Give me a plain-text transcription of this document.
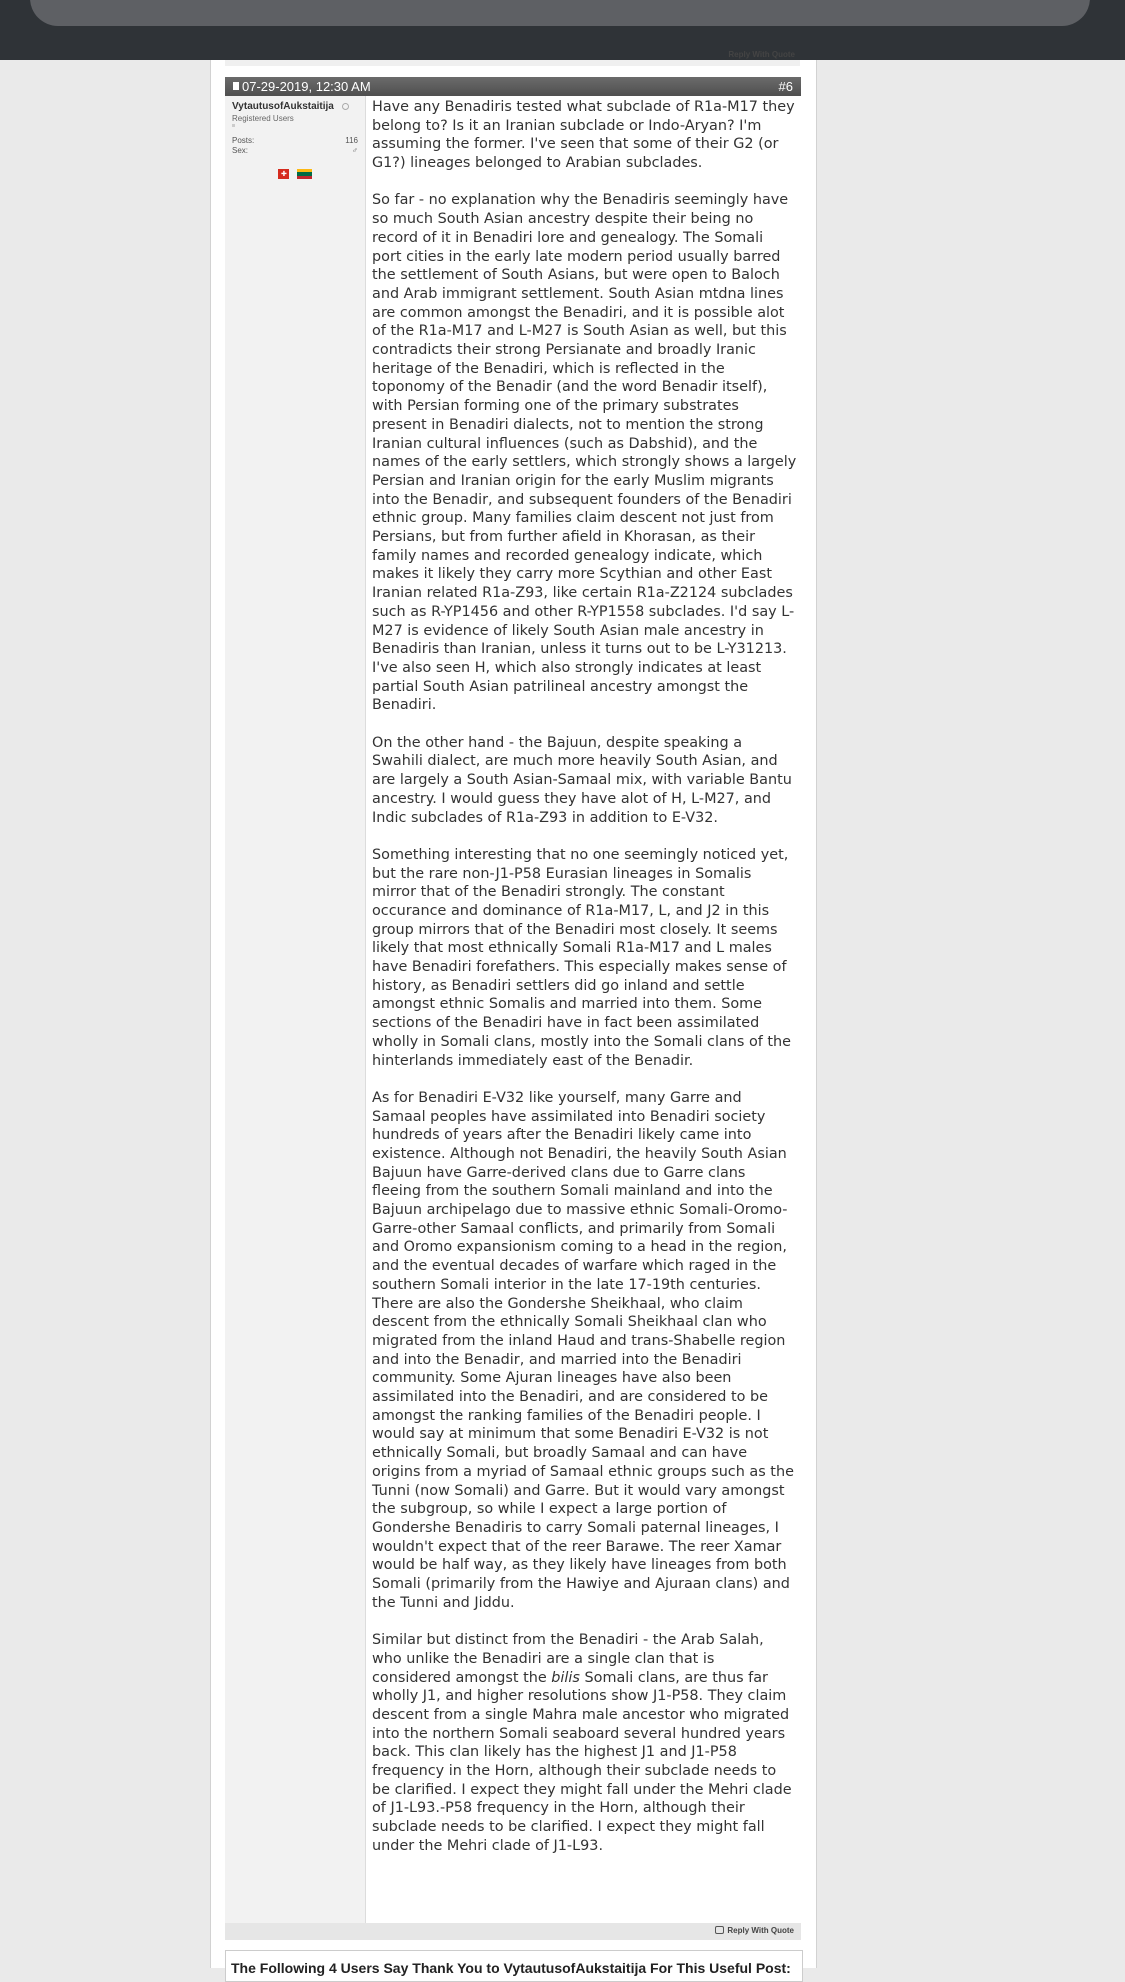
Reply With Quote
07-29-2019, 12:30 AM	#6
VytautusofAukstaitija
Registered Users
Posts:	116
Sex:	♂
✚

Have any Benadiris tested what subclade of R1a-M17 they belong to? Is it an Iranian subclade or Indo-Aryan? I'm assuming the former. I've seen that some of their G2 (or G1?) lineages belonged to Arabian subclades.

So far - no explanation why the Benadiris seemingly have so much South Asian ancestry despite their being no record of it in Benadiri lore and genealogy. The Somali port cities in the early late modern period usually barred the settlement of South Asians, but were open to Baloch and Arab immigrant settlement. South Asian mtdna lines are common amongst the Benadiri, and it is possible alot of the R1a-M17 and L-M27 is South Asian as well, but this contradicts their strong Persianate and broadly Iranic heritage of the Benadiri, which is reflected in the toponomy of the Benadir (and the word Benadir itself), with Persian forming one of the primary substrates present in Benadiri dialects, not to mention the strong Iranian cultural influences (such as Dabshid), and the names of the early settlers, which strongly shows a largely Persian and Iranian origin for the early Muslim migrants into the Benadir, and subsequent founders of the Benadiri ethnic group. Many families claim descent not just from Persians, but from further afield in Khorasan, as their family names and recorded genealogy indicate, which makes it likely they carry more Scythian and other East Iranian related R1a-Z93, like certain R1a-Z2124 subclades such as R-YP1456 and other R-YP1558 subclades. I'd say L-M27 is evidence of likely South Asian male ancestry in Benadiris than Iranian, unless it turns out to be L-Y31213. I've also seen H, which also strongly indicates at least partial South Asian patrilineal ancestry amongst the Benadiri.

On the other hand - the Bajuun, despite speaking a Swahili dialect, are much more heavily South Asian, and are largely a South Asian-Samaal mix, with variable Bantu ancestry. I would guess they have alot of H, L-M27, and Indic subclades of R1a-Z93 in addition to E-V32.

Something interesting that no one seemingly noticed yet, but the rare non-J1-P58 Eurasian lineages in Somalis mirror that of the Benadiri strongly. The constant occurance and dominance of R1a-M17, L, and J2 in this group mirrors that of the Benadiri most closely. It seems likely that most ethnically Somali R1a-M17 and L males have Benadiri forefathers. This especially makes sense of history, as Benadiri settlers did go inland and settle amongst ethnic Somalis and married into them. Some sections of the Benadiri have in fact been assimilated wholly in Somali clans, mostly into the Somali clans of the hinterlands immediately east of the Benadir.

As for Benadiri E-V32 like yourself, many Garre and Samaal peoples have assimilated into Benadiri society hundreds of years after the Benadiri likely came into existence. Although not Benadiri, the heavily South Asian Bajuun have Garre-derived clans due to Garre clans fleeing from the southern Somali mainland and into the Bajuun archipelago due to massive ethnic Somali-Oromo-Garre-other Samaal conflicts, and primarily from Somali and Oromo expansionism coming to a head in the region, and the eventual decades of warfare which raged in the southern Somali interior in the late 17-19th centuries. There are also the Gondershe Sheikhaal, who claim descent from the ethnically Somali Sheikhaal clan who migrated from the inland Haud and trans-Shabelle region and into the Benadir, and married into the Benadiri community. Some Ajuran lineages have also been assimilated into the Benadiri, and are considered to be amongst the ranking families of the Benadiri people. I would say at minimum that some Benadiri E-V32 is not ethnically Somali, but broadly Samaal and can have origins from a myriad of Samaal ethnic groups such as the Tunni (now Somali) and Garre. But it would vary amongst the subgroup, so while I expect a large portion of Gondershe Benadiris to carry Somali paternal lineages, I wouldn't expect that of the reer Barawe. The reer Xamar would be half way, as they likely have lineages from both Somali (primarily from the Hawiye and Ajuraan clans) and the Tunni and Jiddu.

Similar but distinct from the Benadiri - the Arab Salah, who unlike the Benadiri are a single clan that is considered amongst the bilis Somali clans, are thus far wholly J1, and higher resolutions show J1-P58. They claim descent from a single Mahra male ancestor who migrated into the northern Somali seaboard several hundred years back. This clan likely has the highest J1 and J1-P58 frequency in the Horn, although their subclade needs to be clarified. I expect they might fall under the Mehri clade of J1-L93.-P58 frequency in the Horn, although their subclade needs to be clarified. I expect they might fall under the Mehri clade of J1-L93.

Reply With Quote
The Following 4 Users Say Thank You to VytautusofAukstaitija For This Useful Post:
